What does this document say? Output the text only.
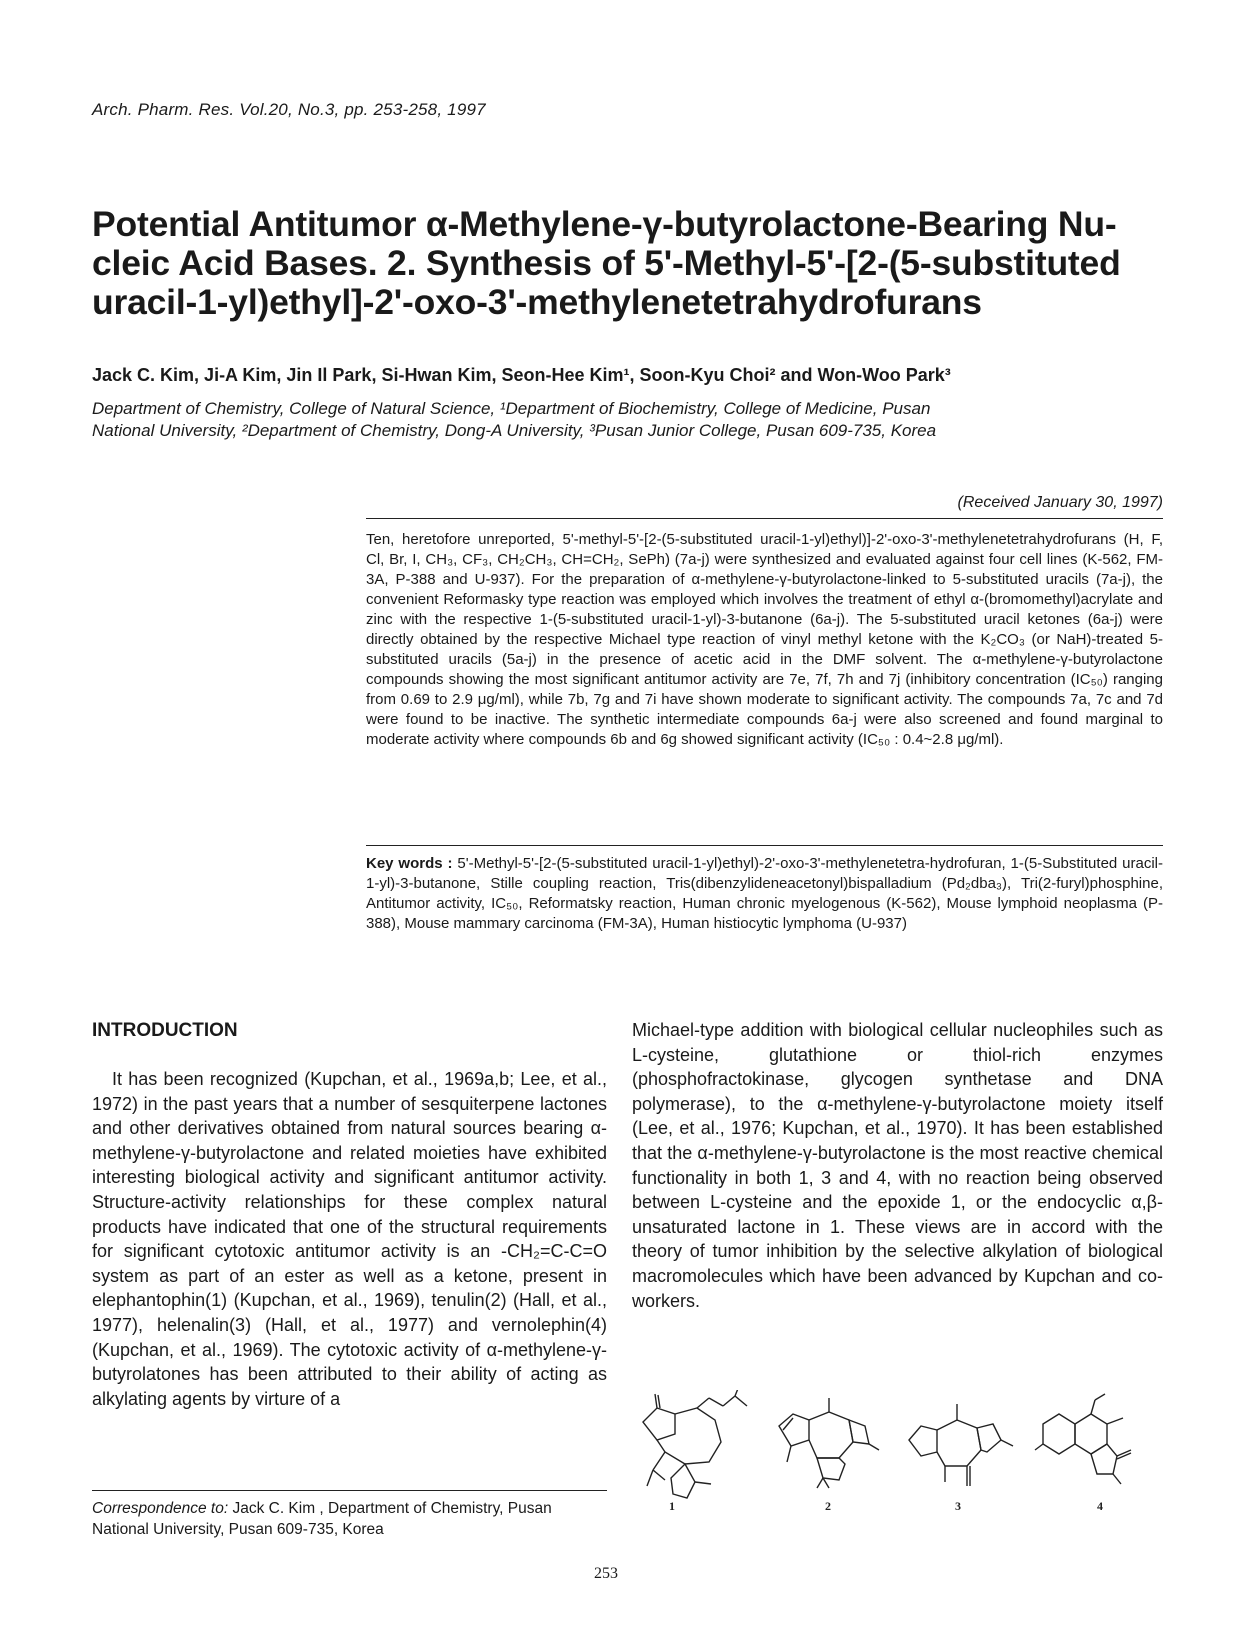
Arch. Pharm. Res. Vol.20, No.3, pp. 253-258, 1997
Potential Antitumor α-Methylene-γ-butyrolactone-Bearing Nu-
cleic Acid Bases. 2. Synthesis of 5'-Methyl-5'-[2-(5-substituted
uracil-1-yl)ethyl]-2'-oxo-3'-methylenetetrahydrofurans
Jack C. Kim, Ji-A Kim, Jin Il Park, Si-Hwan Kim, Seon-Hee Kim¹, Soon-Kyu Choi² and Won-Woo Park³
Department of Chemistry, College of Natural Science, ¹Department of Biochemistry, College of Medicine, Pusan
National University, ²Department of Chemistry, Dong-A University, ³Pusan Junior College, Pusan 609-735, Korea
(Received January 30, 1997)

Ten, heretofore unreported, 5'-methyl-5'-[2-(5-substituted uracil-1-yl)ethyl)]-2'-oxo-3'-methylenetetrahydrofurans (H, F, Cl, Br, I, CH₃, CF₃, CH₂CH₃, CH=CH₂, SePh) (7a-j) were synthesized and evaluated against four cell lines (K-562, FM-3A, P-388 and U-937). For the preparation of α-methylene-γ-butyrolactone-linked to 5-substituted uracils (7a-j), the convenient Reformasky type reaction was employed which involves the treatment of ethyl α-(bromomethyl)acrylate and zinc with the respective 1-(5-substituted uracil-1-yl)-3-butanone (6a-j). The 5-substituted uracil ketones (6a-j) were directly obtained by the respective Michael type reaction of vinyl methyl ketone with the K₂CO₃ (or NaH)-treated 5-substituted uracils (5a-j) in the presence of acetic acid in the DMF solvent. The α-methylene-γ-butyrolactone compounds showing the most significant antitumor activity are 7e, 7f, 7h and 7j (inhibitory concentration (IC₅₀) ranging from 0.69 to 2.9 μg/ml), while 7b, 7g and 7i have shown moderate to significant activity. The compounds 7a, 7c and 7d were found to be inactive. The synthetic intermediate compounds 6a-j were also screened and found marginal to moderate activity where compounds 6b and 6g showed significant activity (IC₅₀ : 0.4~2.8 μg/ml).

Key words : 5'-Methyl-5'-[2-(5-substituted uracil-1-yl)ethyl)-2'-oxo-3'-methylenetetra-hydrofuran, 1-(5-Substituted uracil-1-yl)-3-butanone, Stille coupling reaction, Tris(dibenzylideneacetonyl)bispalladium (Pd₂dba₃), Tri(2-furyl)phosphine, Antitumor activity, IC₅₀, Reformatsky reaction, Human chronic myelogenous (K-562), Mouse lymphoid neoplasma (P-388), Mouse mammary carcinoma (FM-3A), Human histiocytic lymphoma (U-937)
INTRODUCTION

It has been recognized (Kupchan, et al., 1969a,b; Lee, et al., 1972) in the past years that a number of sesquiterpene lactones and other derivatives obtained from natural sources bearing α-methylene-γ-butyrolactone and related moieties have exhibited interesting biological activity and significant antitumor activity. Structure-activity relationships for these complex natural products have indicated that one of the structural requirements for significant cytotoxic antitumor activity is an -CH₂=C-C=O system as part of an ester as well as a ketone, present in elephantophin(1) (Kupchan, et al., 1969), tenulin(2) (Hall, et al., 1977), helenalin(3) (Hall, et al., 1977) and vernolephin(4) (Kupchan, et al., 1969). The cytotoxic activity of α-methylene-γ-butyrolatones has been attributed to their ability of acting as alkylating agents by virture of a

Michael-type addition with biological cellular nucleophiles such as L-cysteine, glutathione or thiol-rich enzymes (phosphofractokinase, glycogen synthetase and DNA polymerase), to the α-methylene-γ-butyrolactone moiety itself (Lee, et al., 1976; Kupchan, et al., 1970). It has been established that the α-methylene-γ-butyrolactone is the most reactive chemical functionality in both 1, 3 and 4, with no reaction being observed between L-cysteine and the epoxide 1, or the endocyclic α,β-unsaturated lactone in 1. These views are in accord with the theory of tumor inhibition by the selective alkylation of biological macromolecules which have been advanced by Kupchan and co-workers.

1	2	3	4
Correspondence to: Jack C. Kim , Department of Chemistry, Pusan National University, Pusan 609-735, Korea
253
